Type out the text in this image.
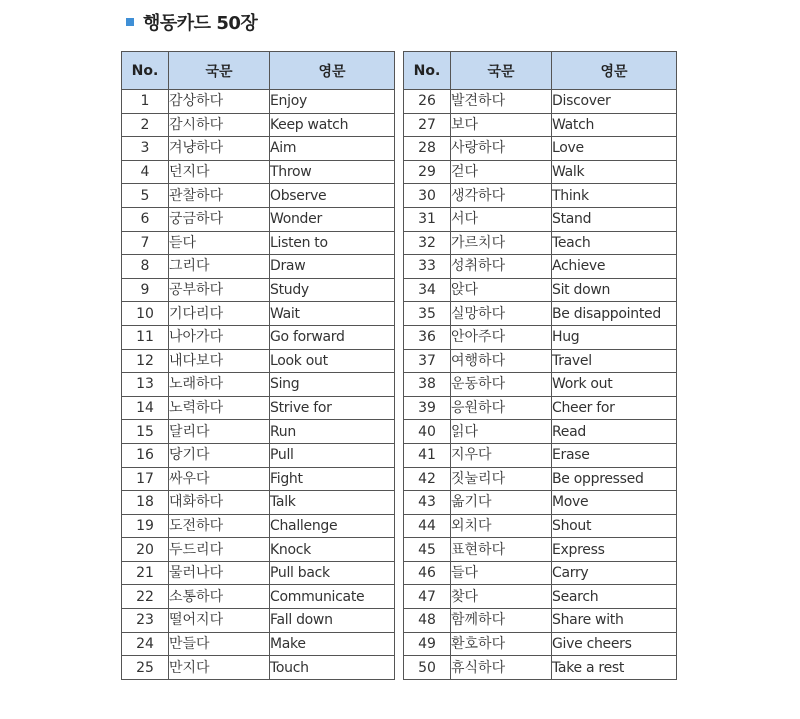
행동카드 50장
No.	국문	영문
1	감상하다	Enjoy
2	감시하다	Keep watch
3	겨냥하다	Aim
4	던지다	Throw
5	관찰하다	Observe
6	궁금하다	Wonder
7	듣다	Listen to
8	그리다	Draw
9	공부하다	Study
10	기다리다	Wait
11	나아가다	Go forward
12	내다보다	Look out
13	노래하다	Sing
14	노력하다	Strive for
15	달리다	Run
16	당기다	Pull
17	싸우다	Fight
18	대화하다	Talk
19	도전하다	Challenge
20	두드리다	Knock
21	물러나다	Pull back
22	소통하다	Communicate
23	떨어지다	Fall down
24	만들다	Make
25	만지다	Touch
No.	국문	영문
26	발견하다	Discover
27	보다	Watch
28	사랑하다	Love
29	걷다	Walk
30	생각하다	Think
31	서다	Stand
32	가르치다	Teach
33	성취하다	Achieve
34	앉다	Sit down
35	실망하다	Be disappointed
36	안아주다	Hug
37	여행하다	Travel
38	운동하다	Work out
39	응원하다	Cheer for
40	읽다	Read
41	지우다	Erase
42	짓눌리다	Be oppressed
43	옮기다	Move
44	외치다	Shout
45	표현하다	Express
46	들다	Carry
47	찾다	Search
48	함께하다	Share with
49	환호하다	Give cheers
50	휴식하다	Take a rest
